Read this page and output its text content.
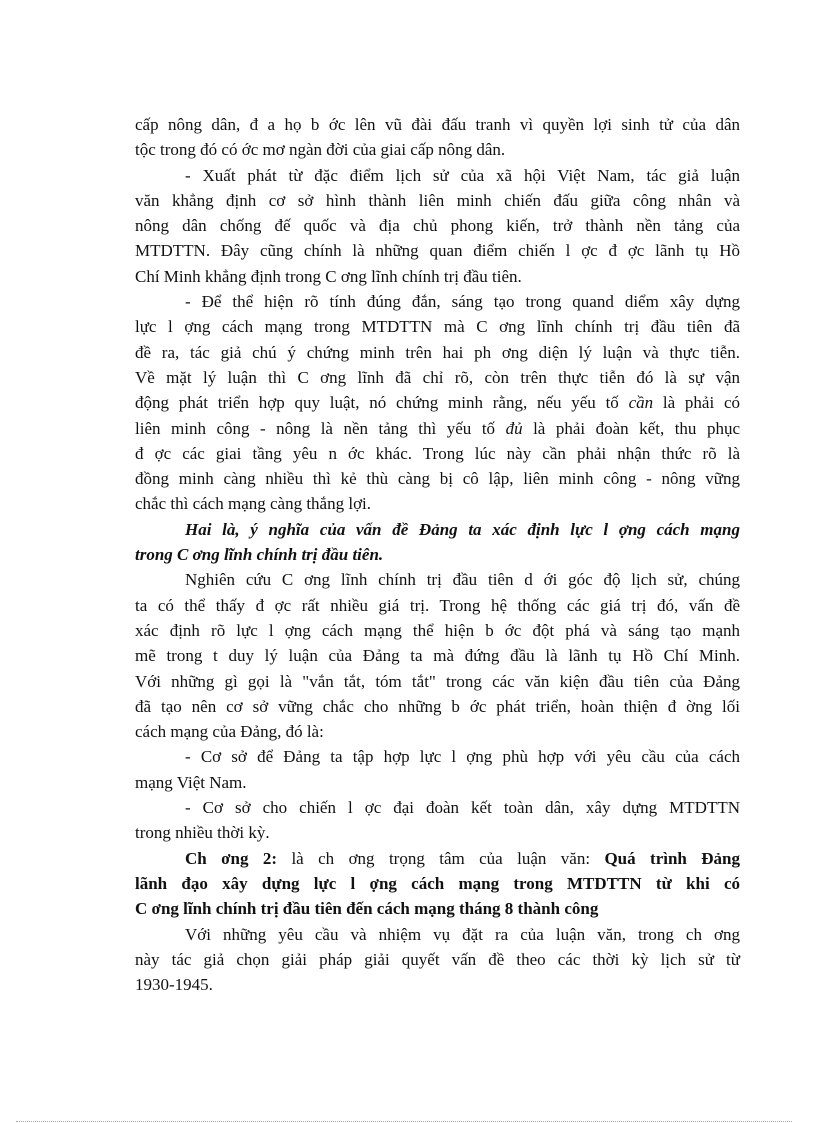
cấp nông dân, đ a họ b ớc lên vũ đài đấu tranh vì quyền lợi sinh tử của dân
tộc trong đó có ớc mơ ngàn đời của giai cấp nông dân.
- Xuất phát từ đặc điểm lịch sử của xã hội Việt Nam, tác giả luận
văn khẳng định cơ sở hình thành liên minh chiến đấu giữa công nhân và
nông dân chống đế quốc và địa chủ phong kiến, trở thành nền tảng của
MTDTTN. Đây cũng chính là những quan điểm chiến l ợc đ ợc lãnh tụ Hồ
Chí Minh khẳng định trong C ơng lĩnh chính trị đầu tiên.
- Để thể hiện rõ tính đúng đắn, sáng tạo trong quand diểm xây dựng
lực l ợng cách mạng trong MTDTTN mà C ơng lĩnh chính trị đầu tiên đã
đề ra, tác giả chú ý chứng minh trên hai ph ơng diện lý luận và thực tiễn.
Về mặt lý luận thì C ơng lĩnh đã chỉ rõ, còn trên thực tiễn đó là sự vận
động phát triển hợp quy luật, nó chứng minh rằng, nếu yếu tố cần là phải có
liên minh công - nông là nền tảng thì yếu tố đủ là phải đoàn kết, thu phục
đ ợc các giai tầng yêu n ớc khác. Trong lúc này cần phải nhận thức rõ là
đồng minh càng nhiều thì kẻ thù càng bị cô lập, liên minh công - nông vững
chắc thì cách mạng càng thắng lợi.
Hai là, ý nghĩa của vấn đề Đảng ta xác định lực l ợng cách mạng
trong C ơng lĩnh chính trị đầu tiên.
Nghiên cứu C ơng lĩnh chính trị đầu tiên d ới góc độ lịch sử, chúng
ta có thể thấy đ ợc rất nhiều giá trị. Trong hệ thống các giá trị đó, vấn đề
xác định rõ lực l ợng cách mạng thể hiện b ớc đột phá và sáng tạo mạnh
mẽ trong t duy lý luận của Đảng ta mà đứng đầu là lãnh tụ Hồ Chí Minh.
Với những gì gọi là "vắn tắt, tóm tắt" trong các văn kiện đầu tiên của Đảng
đã tạo nên cơ sở vững chắc cho những b ớc phát triển, hoàn thiện đ ờng lối
cách mạng của Đảng, đó là:
- Cơ sở để Đảng ta tập hợp lực l ợng phù hợp với yêu cầu của cách
mạng Việt Nam.
- Cơ sở cho chiến l ợc đại đoàn kết toàn dân, xây dựng MTDTTN
trong nhiều thời kỳ.
Ch ơng 2: là ch ơng trọng tâm của luận văn: Quá trình Đảng
lãnh đạo xây dựng lực l ợng cách mạng trong MTDTTN từ khi có
C ơng lĩnh chính trị đầu tiên đến cách mạng tháng 8 thành công
Với những yêu cầu và nhiệm vụ đặt ra của luận văn, trong ch ơng
này tác giả chọn giải pháp giải quyết vấn đề theo các thời kỳ lịch sử từ
1930-1945.
